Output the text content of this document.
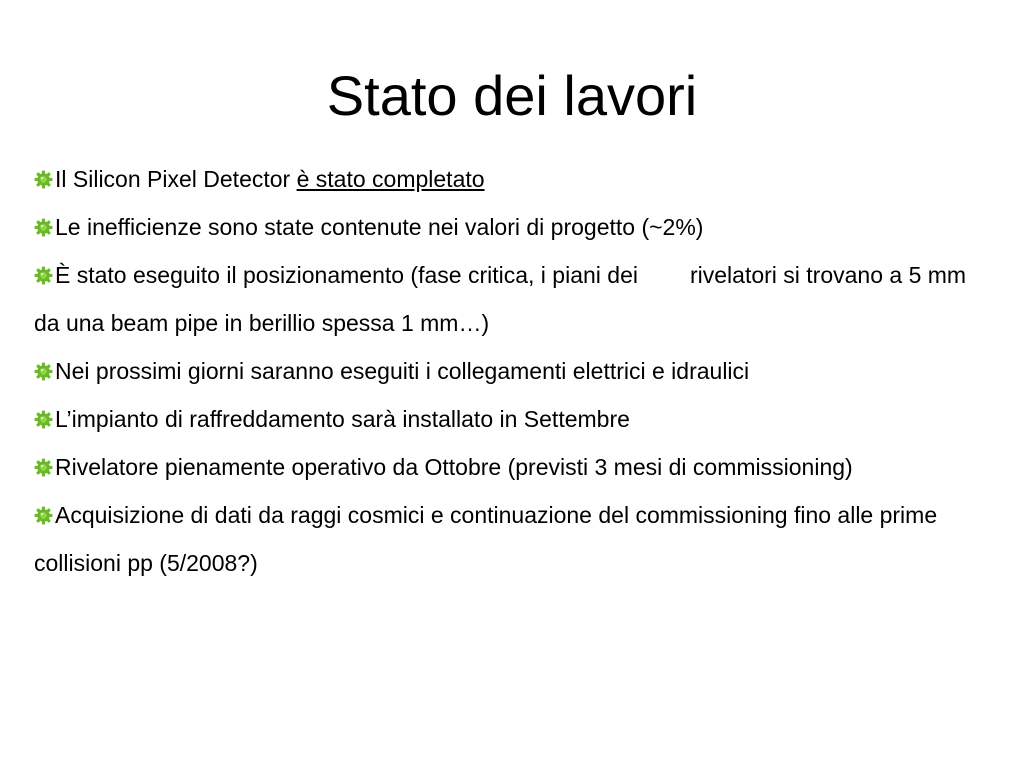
Stato dei lavori
Il Silicon Pixel Detector è stato completato
Le inefficienze sono state contenute nei valori di progetto (~2%)
È stato eseguito il posizionamento (fase critica, i piani dei rivelatori si trovano a 5 mm da una beam pipe in berillio spessa 1 mm…)
Nei prossimi giorni saranno eseguiti i collegamenti elettrici e idraulici
L’impianto di raffreddamento sarà installato in Settembre
Rivelatore pienamente operativo da Ottobre (previsti 3 mesi di commissioning)
Acquisizione di dati da raggi cosmici e continuazione del commissioning fino alle prime collisioni pp (5/2008?)
